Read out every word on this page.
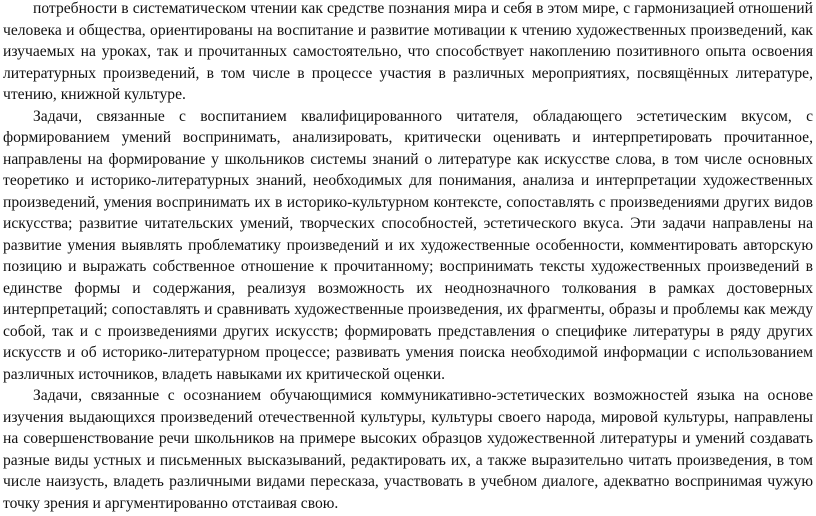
потребности в систематическом чтении как средстве познания мира и себя в этом мире, с гармонизацией отношений человека и общества, ориентированы на воспитание и развитие мотивации к чтению художественных произведений, как изучаемых на уроках, так и прочитанных самостоятельно, что способствует накоплению позитивного опыта освоения литературных произведений, в том числе в процессе участия в различных мероприятиях, посвящённых литературе, чтению, книжной культуре.

Задачи, связанные с воспитанием квалифицированного читателя, обладающего эстетическим вкусом, с формированием умений воспринимать, анализировать, критически оценивать и интерпретировать прочитанное, направлены на формирование у школьников системы знаний о литературе как искусстве слова, в том числе основных теоретико и историко-литературных знаний, необходимых для понимания, анализа и интерпретации художественных произведений, умения воспринимать их в историко-культурном контексте, сопоставлять с произведениями других видов искусства; развитие читательских умений, творческих способностей, эстетического вкуса. Эти задачи направлены на развитие умения выявлять проблематику произведений и их художественные особенности, комментировать авторскую позицию и выражать собственное отношение к прочитанному; воспринимать тексты художественных произведений в единстве формы и содержания, реализуя возможность их неоднозначного толкования в рамках достоверных интерпретаций; сопоставлять и сравнивать художественные произведения, их фрагменты, образы и проблемы как между собой, так и с произведениями других искусств; формировать представления о специфике литературы в ряду других искусств и об историко-литературном процессе; развивать умения поиска необходимой информации с использованием различных источников, владеть навыками их критической оценки.

Задачи, связанные с осознанием обучающимися коммуникативно-эстетических возможностей языка на основе изучения выдающихся произведений отечественной культуры, культуры своего народа, мировой культуры, направлены на совершенствование речи школьников на примере высоких образцов художественной литературы и умений создавать разные виды устных и письменных высказываний, редактировать их, а также выразительно читать произведения, в том числе наизусть, владеть различными видами пересказа, участвовать в учебном диалоге, адекватно воспринимая чужую точку зрения и аргументированно отстаивая свою.
